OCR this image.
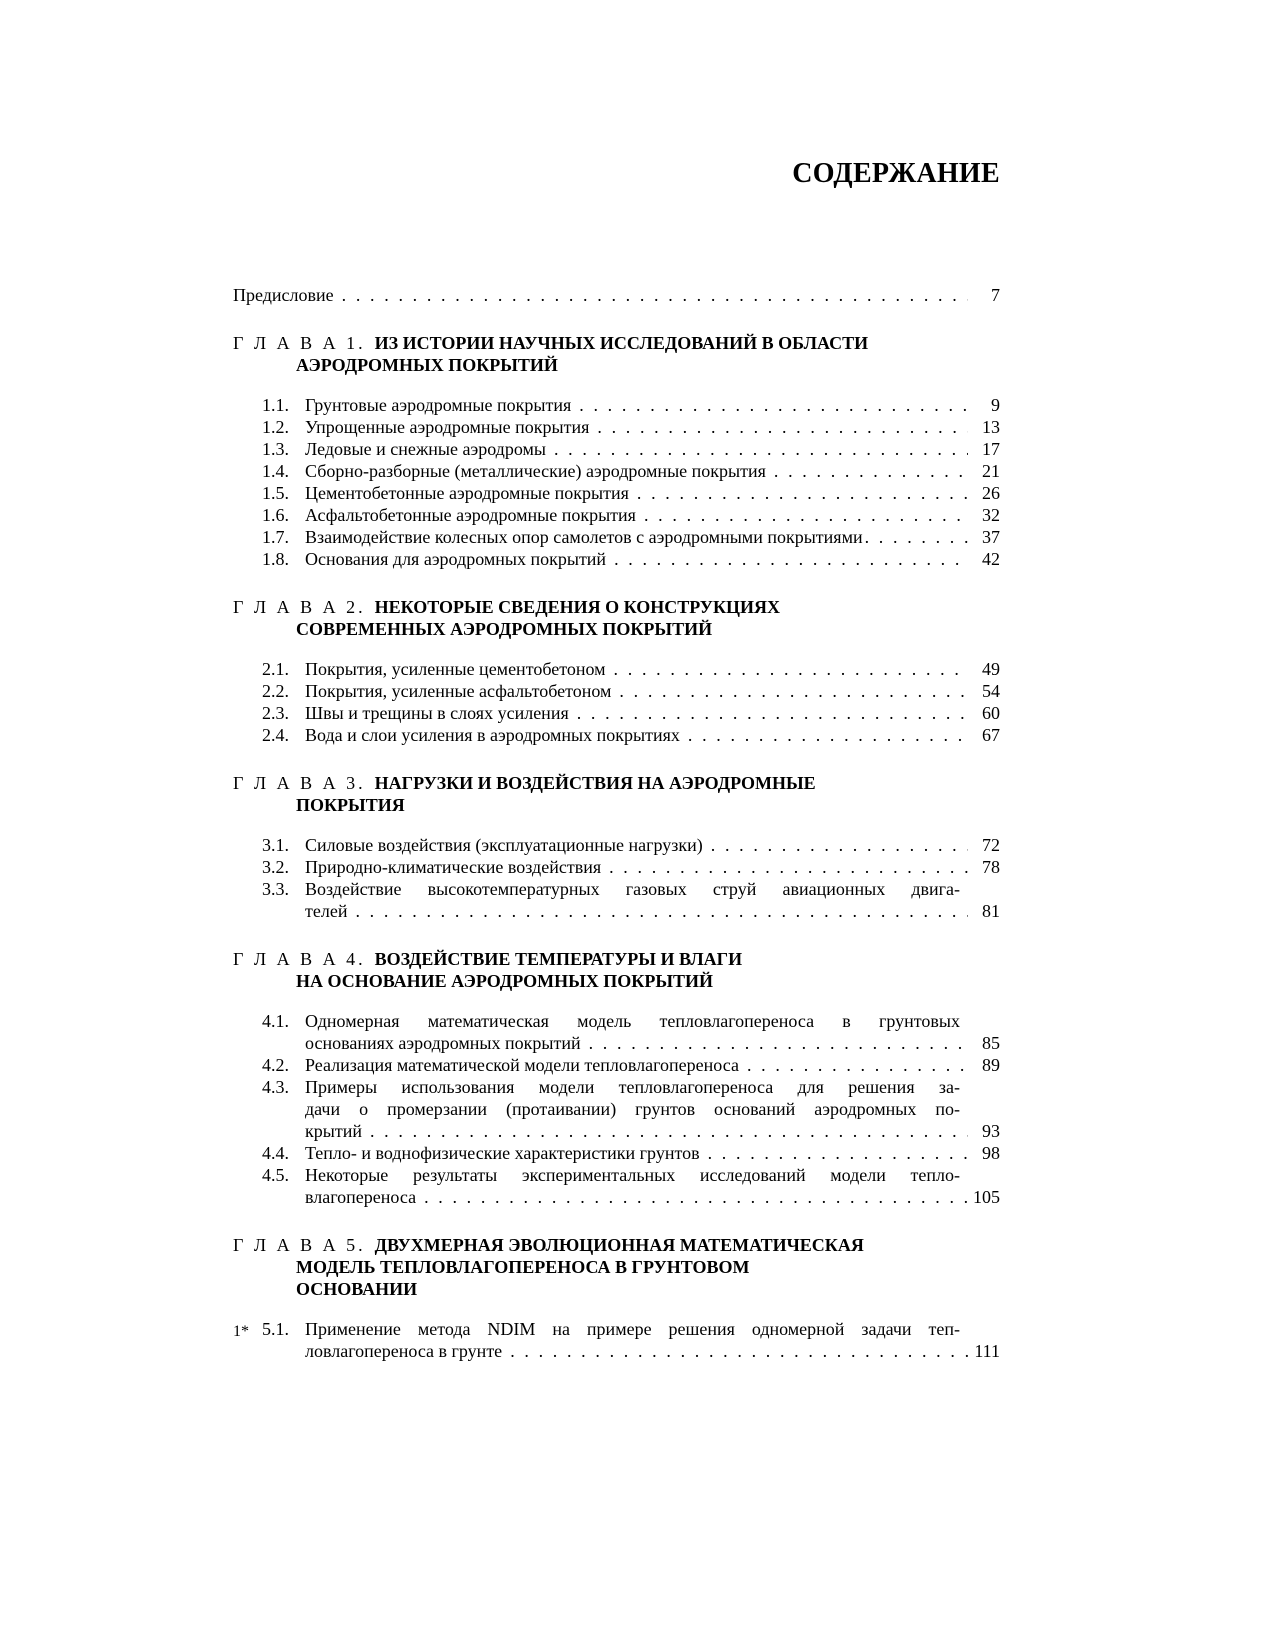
СОДЕРЖАНИЕ
Предисловие . . .	7
Г Л А В А 1. ИЗ ИСТОРИИ НАУЧНЫХ ИССЛЕДОВАНИЙ В ОБЛАСТИ
АЭРОДРОМНЫХ ПОКРЫТИЙ
1.1. Грунтовые аэродромные покрытия . . .	9
1.2. Упрощенные аэродромные покрытия . . .	13
1.3. Ледовые и снежные аэродромы . . .	17
1.4. Сборно-разборные (металлические) аэродромные покрытия . . .	21
1.5. Цементобетонные аэродромные покрытия . . .	26
1.6. Асфальтобетонные аэродромные покрытия . . .	32
1.7. Взаимодействие колесных опор самолетов с аэродромными покрытиями . . .	37
1.8. Основания для аэродромных покрытий . . .	42
Г Л А В А 2. НЕКОТОРЫЕ СВЕДЕНИЯ О КОНСТРУКЦИЯХ
СОВРЕМЕННЫХ АЭРОДРОМНЫХ ПОКРЫТИЙ
2.1. Покрытия, усиленные цементобетоном . . .	49
2.2. Покрытия, усиленные асфальтобетоном . . .	54
2.3. Швы и трещины в слоях усиления . . .	60
2.4. Вода и слои усиления в аэродромных покрытиях . . .	67
Г Л А В А 3. НАГРУЗКИ И ВОЗДЕЙСТВИЯ НА АЭРОДРОМНЫЕ
ПОКРЫТИЯ
3.1. Силовые воздействия (эксплуатационные нагрузки) . . .	72
3.2. Природно-климатические воздействия . . .	78
3.3. Воздействие высокотемпературных газовых струй авиационных двига-
телей . . .	81
Г Л А В А 4. ВОЗДЕЙСТВИЕ ТЕМПЕРАТУРЫ И ВЛАГИ
НА ОСНОВАНИЕ АЭРОДРОМНЫХ ПОКРЫТИЙ
4.1. Одномерная математическая модель тепловлагопереноса в грунтовых
основаниях аэродромных покрытий . . .	85
4.2. Реализация математической модели тепловлагопереноса . . .	89
4.3. Примеры использования модели тепловлагопереноса для решения за-
дачи о промерзании (протаивании) грунтов оснований аэродромных по-
крытий . . .	93
4.4. Тепло- и воднофизические характеристики грунтов . . .	98
4.5. Некоторые результаты экспериментальных исследований модели тепло-
влагопереноса . . .	105
Г Л А В А 5. ДВУХМЕРНАЯ ЭВОЛЮЦИОННАЯ МАТЕМАТИЧЕСКАЯ
МОДЕЛЬ ТЕПЛОВЛАГОПЕРЕНОСА В ГРУНТОВОМ
ОСНОВАНИИ
5.1. Применение метода NDIM на примере решения одномерной задачи теп-
ловлагопереноса в грунте . . .	111
1*
